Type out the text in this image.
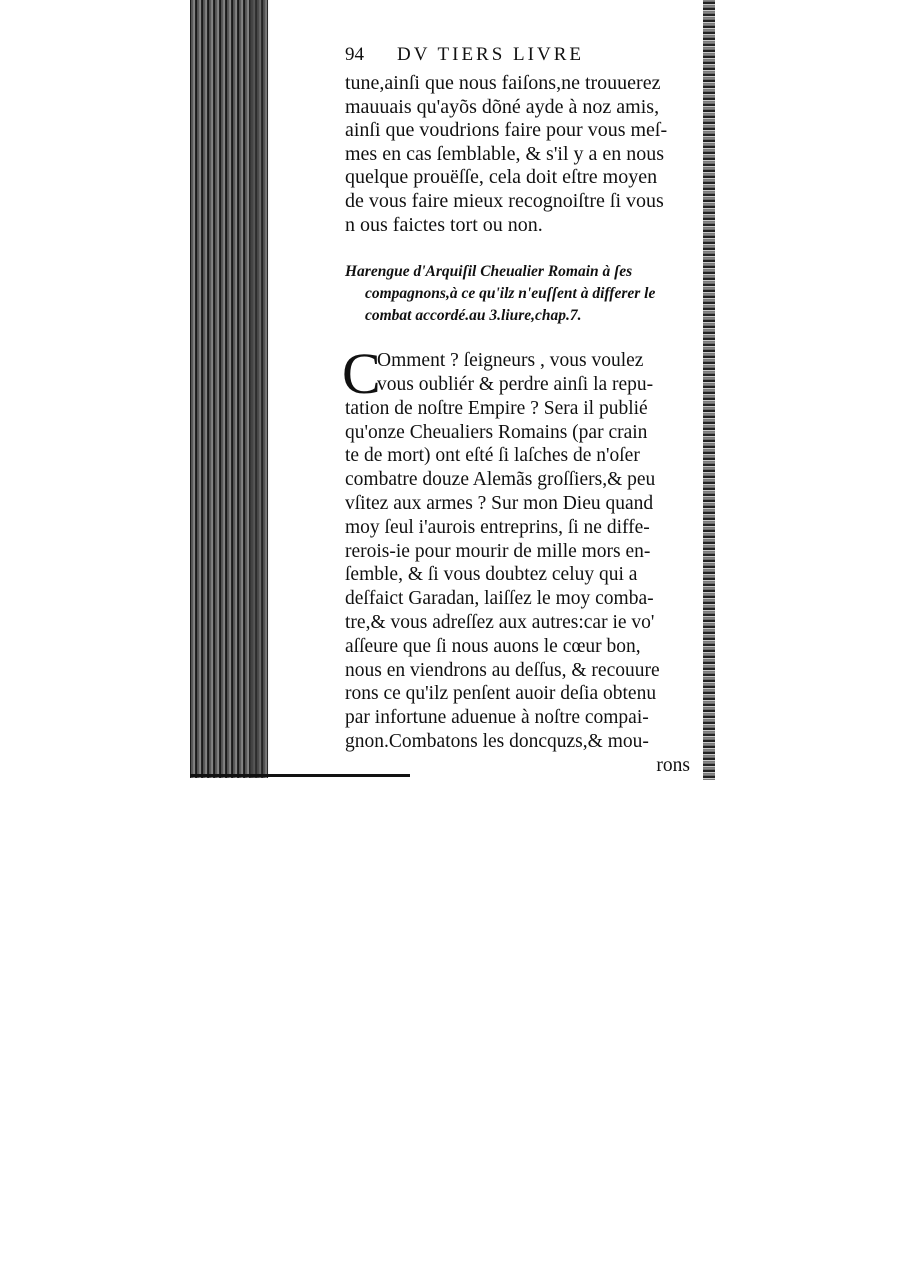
94 DV TIERS LIVRE

tune,ainſi que nous faiſons,ne trouuerez

mauuais qu'ayõs dõné ayde à noz amis,

ainſi que voudrions faire pour vous meſ-

mes en cas ſemblable, & s'il y a en nous

quelque prouëſſe, cela doit eſtre moyen

de vous faire mieux recognoiſtre ſi vous

n ous faictes tort ou non.

Harengue d'Arquiſil Cheualier Romain à ſes

compagnons,à ce qu'ilz n'euſſent à differer le

combat accordé.au 3.liure,chap.7.

C

Omment ? ſeigneurs , vous voulez

vous oubliér & perdre ainſi la repu-

tation de noſtre Empire ? Sera il publié

qu'onze Cheualiers Romains (par crain

te de mort) ont eſté ſi laſches de n'oſer

combatre douze Alemãs groſſiers,& peu

vſitez aux armes ? Sur mon Dieu quand

moy ſeul i'aurois entreprins, ſi ne diffe-

rerois-ie pour mourir de mille mors en-

ſemble, & ſi vous doubtez celuy qui a

deſfaict Garadan, laiſſez le moy comba-

tre,& vous adreſſez aux autres:car ie vo'

aſſeure que ſi nous auons le cœur bon,

nous en viendrons au deſſus, & recouure

rons ce qu'ilz penſent auoir deſia obtenu

par infortune aduenue à noſtre compai-

gnon.Combatons les doncquzs,& mou-

rons
